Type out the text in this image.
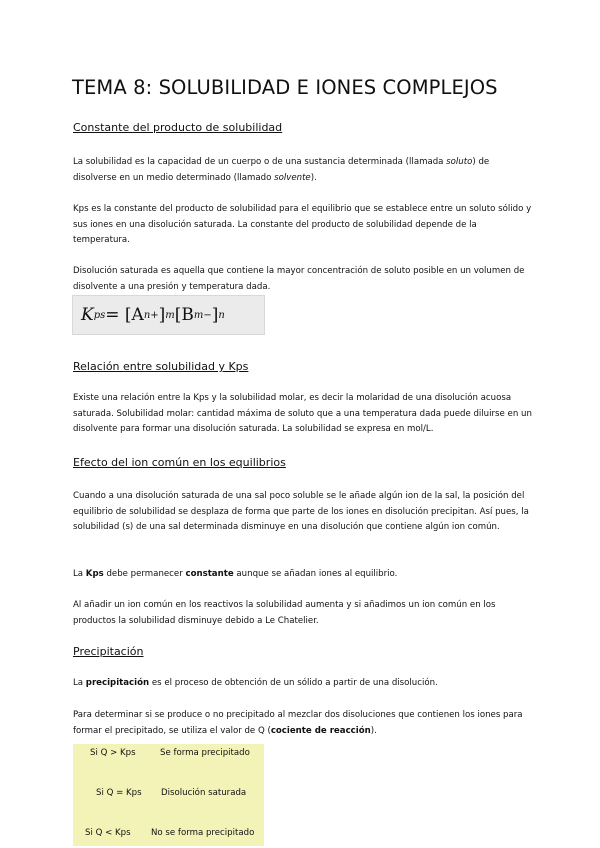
TEMA 8: SOLUBILIDAD E IONES COMPLEJOS
Constante del producto de solubilidad
La solubilidad es la capacidad de un cuerpo o de una sustancia determinada (llamada soluto) de disolverse en un medio determinado (llamado solvente).
Kps es la constante del producto de solubilidad para el equilibrio que se establece entre un soluto sólido y sus iones en una disolución saturada. La constante del producto de solubilidad depende de la temperatura.
Disolución saturada es aquella que contiene la mayor concentración de soluto posible en un volumen de disolvente a una presión y temperatura dada.
K ps = [A n+ ] m [B m− ] n
Relación entre solubilidad y Kps
Existe una relación entre la Kps y la solubilidad molar, es decir la molaridad de una disolución acuosa saturada. Solubilidad molar: cantidad máxima de soluto que a una temperatura dada puede diluirse en un disolvente para formar una disolución saturada. La solubilidad se expresa en mol/L.
Efecto del ion común en los equilibrios
Cuando a una disolución saturada de una sal poco soluble se le añade algún ion de la sal, la posición del equilibrio de solubilidad se desplaza de forma que parte de los iones en disolución precipitan. Así pues, la solubilidad (s) de una sal determinada disminuye en una disolución que contiene algún ion común.
La Kps debe permanecer constante aunque se añadan iones al equilibrio.
Al añadir un ion común en los reactivos la solubilidad aumenta y si añadimos un ion común en los productos la solubilidad disminuye debido a Le Chatelier.
Precipitación
La precipitación es el proceso de obtención de un sólido a partir de una disolución.
Para determinar si se produce o no precipitado al mezclar dos disoluciones que contienen los iones para formar el precipitado, se utiliza el valor de Q (cociente de reacción).
Si Q > Kps	Se forma precipitado
Si Q = Kps Disolución saturada
Si Q < Kps No se forma precipitado
